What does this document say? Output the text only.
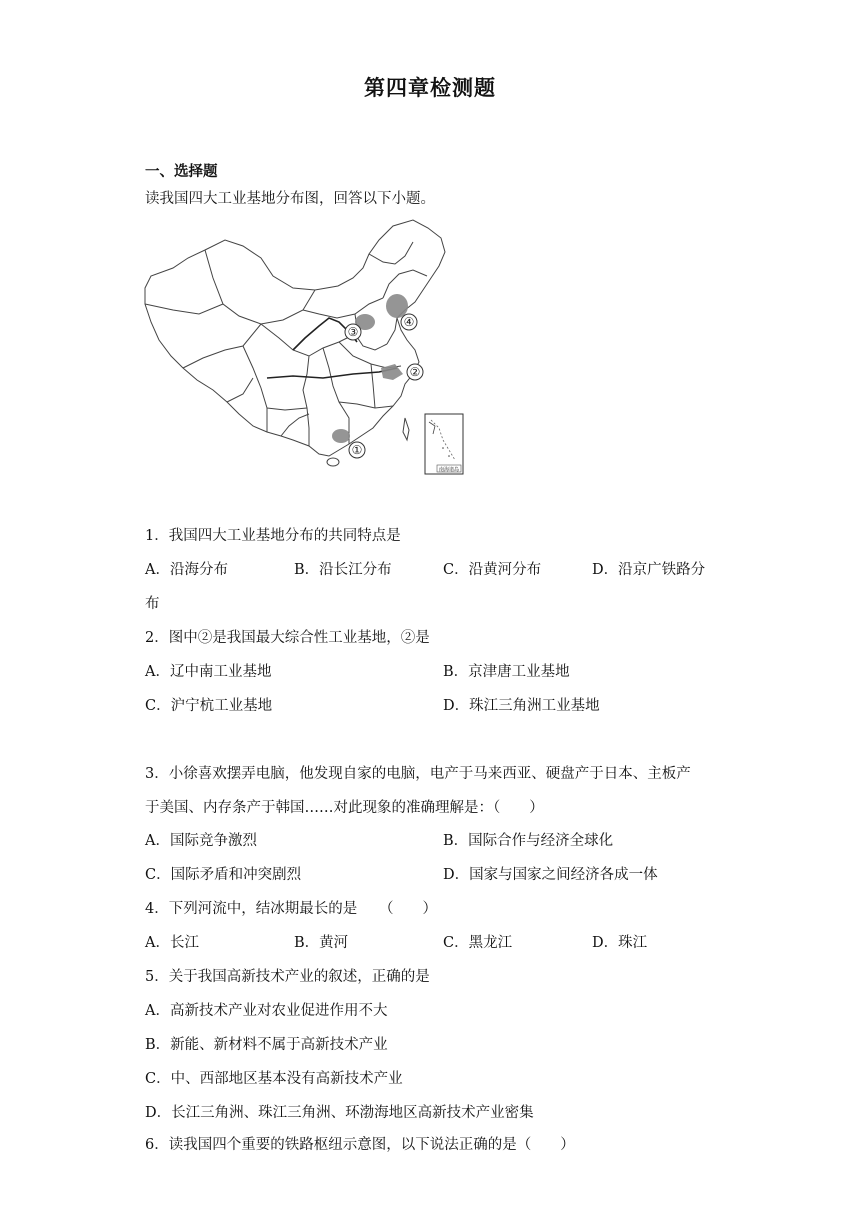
第四章检测题
一、选择题
读我国四大工业基地分布图，回答以下小题。
①
②
③
④
南海诸岛
1．我国四大工业基地分布的共同特点是
A．沿海分布	B．沿长江分布	C．沿黄河分布	D．沿京广铁路分
布
2．图中②是我国最大综合性工业基地，②是
A．辽中南工业基地	B．京津唐工业基地
C．沪宁杭工业基地	D．珠江三角洲工业基地
3．小徐喜欢摆弄电脑，他发现自家的电脑，电产于马来西亚、硬盘产于日本、主板产
于美国、内存条产于韩国……对此现象的准确理解是：（　　）
A．国际竞争激烈	B．国际合作与经济全球化
C．国际矛盾和冲突剧烈	D．国家与国家之间经济各成一体
4．下列河流中，结冰期最长的是　　（　　）
A．长江	B．黄河	C．黑龙江	D．珠江
5．关于我国高新技术产业的叙述，正确的是
A．高新技术产业对农业促进作用不大
B．新能、新材料不属于高新技术产业
C．中、西部地区基本没有高新技术产业
D．长江三角洲、珠江三角洲、环渤海地区高新技术产业密集
6．读我国四个重要的铁路枢纽示意图，以下说法正确的是（　　）
